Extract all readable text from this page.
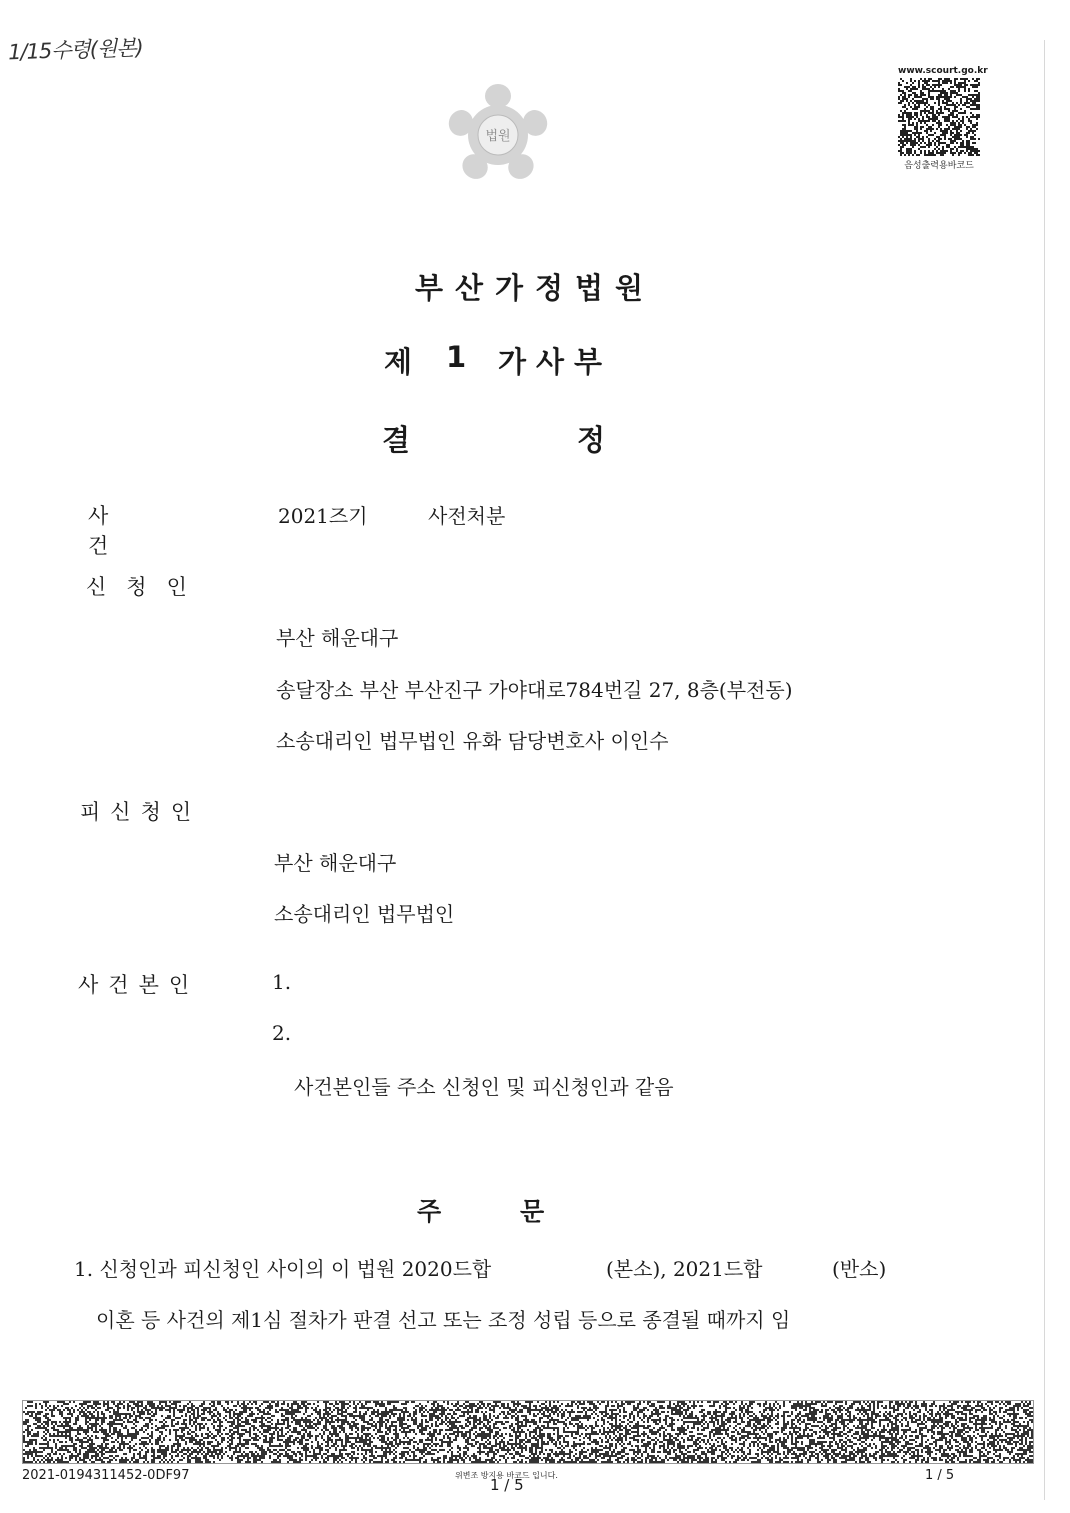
1/15수령(원본)
법원
www.scourt.go.kr
음성출력용바코드
부산가정법원
제 1 가사부
결	정
사건
2021즈기	사전처분
신청인
부산 해운대구
송달장소 부산 부산진구 가야대로784번길 27, 8층(부전동)
소송대리인 법무법인 유화 담당변호사 이인수
피신청인
부산 해운대구
소송대리인 법무법인
사건본인	1.
2.
사건본인들 주소 신청인 및 피신청인과 같음
주	문
1. 신청인과 피신청인 사이의 이 법원 2020드합	(본소), 2021드합	(반소)
이혼 등 사건의 제1심 절차가 판결 선고 또는 조정 성립 등으로 종결될 때까지 임
2021-0194311452-0DF97	위변조 방지용 바코드 입니다.
1 / 5
1 / 5
